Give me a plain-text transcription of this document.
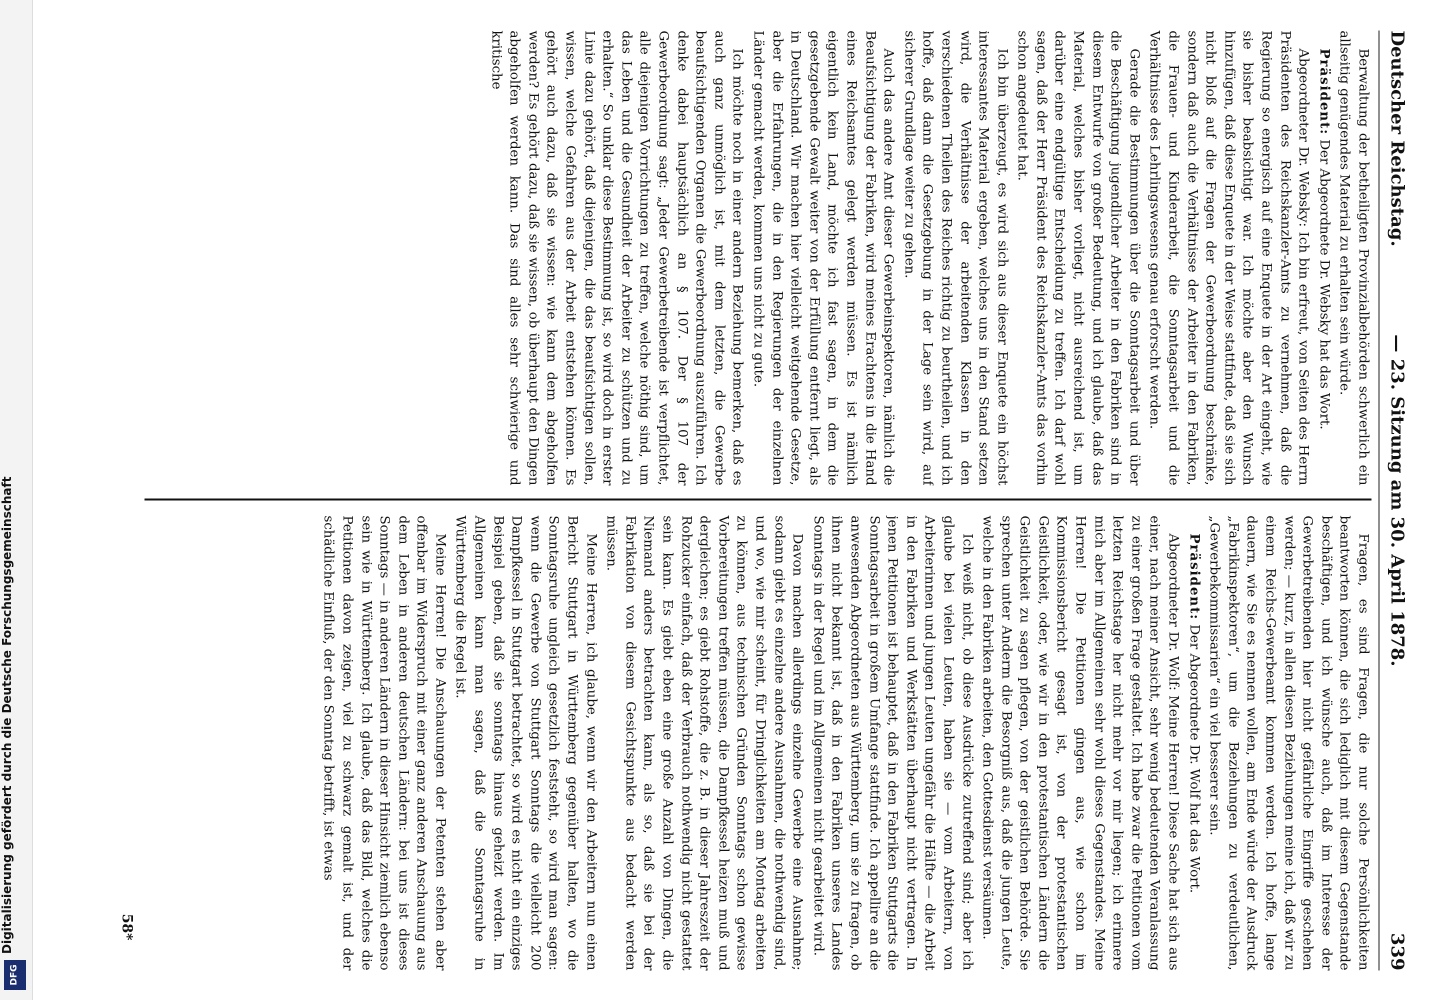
Digitalisierung gefördert durch die Deutsche Forschungsgemeinschaft
DFG
Deutscher Reichstag.
— 23. Sitzung am 30. April 1878.
339

Berwaltung der betheiligten Provinzialbehörden schwerlich ein allseitig genügendes Material zu erhalten sein würde.

Präsident: Der Abgeordnete Dr. Websky hat das Wort.

Abgeordneter Dr. Websky: Ich bin erfreut, von Seiten des Herrn Präsidenten des Reichskanzler-Amts zu vernehmen, daß die Regierung so energisch auf eine Enquete in der Art eingeht, wie sie bisher beabsichtigt war. Ich möchte aber den Wunsch hinzufügen, daß diese Enquete in der Weise stattfinde, daß sie sich nicht bloß auf die Fragen der Gewerbeordnung beschränke, sondern daß auch die Verhältnisse der Arbeiter in den Fabriken, die Frauen- und Kinderarbeit, die Sonntagsarbeit und die Verhältnisse des Lehrlingswesens genau erforscht werden.

Gerade die Bestimmungen über die Sonntagsarbeit und über die Beschäftigung jugendlicher Arbeiter in den Fabriken sind in diesem Entwurfe von großer Bedeutung, und ich glaube, daß das Material, welches bisher vorliegt, nicht ausreichend ist, um darüber eine endgültige Entscheidung zu treffen. Ich darf wohl sagen, daß der Herr Präsident des Reichskanzler-Amts das vorhin schon angedeutet hat.

Ich bin überzeugt, es wird sich aus dieser Enquete ein höchst interessantes Material ergeben, welches uns in den Stand setzen wird, die Verhältnisse der arbeitenden Klassen in den verschiedenen Theilen des Reiches richtig zu beurtheilen, und ich hoffe, daß dann die Gesetzgebung in der Lage sein wird, auf sicherer Grundlage weiter zu gehen.

Auch das andere Amt dieser Gewerbeinspektoren, nämlich die Beaufsichtigung der Fabriken, wird meines Erachtens in die Hand eines Reichsamtes gelegt werden müssen. Es ist nämlich eigentlich kein Land, möchte ich fast sagen, in dem die gesetzgebende Gewalt weiter von der Erfüllung entfernt liegt, als in Deutschland. Wir machen hier vielleicht weitgehende Gesetze, aber die Erfahrungen, die in den Regierungen der einzelnen Länder gemacht werden, kommen uns nicht zu gute.

Ich möchte noch in einer andern Beziehung bemerken, daß es auch ganz unmöglich ist, mit dem letzten, die Gewerbe beaufsichtigenden Organen die Gewerbeordnung auszuführen. Ich denke dabei hauptsächlich an § 107. Der § 107 der Gewerbeordnung sagt: „Jeder Gewerbetreibende ist verpflichtet, alle diejenigen Vorrichtungen zu treffen, welche nöthig sind, um das Leben und die Gesundheit der Arbeiter zu schützen und zu erhalten.“ So unklar diese Bestimmung ist, so wird doch in erster Linie dazu gehört, daß diejenigen, die das beaufsichtigen sollen, wissen, welche Gefahren aus der Arbeit entstehen können. Es gehört auch dazu, daß sie wissen: wie kann dem abgeholfen werden? Es gehört dazu, daß sie wissen, ob überhaupt den Dingen abgeholfen werden kann. Das sind alles sehr schwierige und kritische

Fragen, es sind Fragen, die nur solche Persönlichkeiten beantworten können, die sich lediglich mit diesem Gegenstande beschäftigen, und ich wünsche auch, daß im Interesse der Gewerbetreibenden hier nicht gefährliche Eingriffe geschehen werden; — kurz, in allen diesen Beziehungen meine ich, daß wir zu einem Reichs-Gewerbeamt kommen werden. Ich hoffe, lange dauern, wie Sie es nennen wollen, am Ende würde der Ausdruck „Fabrikinspektoren“, um die Beziehungen zu verdeutlichen, „Gewerbekommissarien“ ein viel besserer sein.

Präsident: Der Abgeordnete Dr. Wolf hat das Wort.

Abgeordneter Dr. Wolf: Meine Herren! Diese Sache hat sich aus einer, nach meiner Ansicht, sehr wenig bedeutenden Veranlassung zu einer großen Frage gestaltet. Ich habe zwar die Petitionen vom letzten Reichstage her nicht mehr vor mir liegen; ich erinnere mich aber im Allgemeinen sehr wohl dieses Gegenstandes. Meine Herren! Die Petitionen gingen aus, wie schon im Kommissionsbericht gesagt ist, von der protestantischen Geistlichkeit, oder, wie wir in den protestantischen Ländern die Geistlichkeit zu sagen pflegen, von der geistlichen Behörde. Sie sprechen unter Anderm die Besorgniß aus, daß die jungen Leute, welche in den Fabriken arbeiten, den Gottesdienst versäumen.

Ich weiß nicht, ob diese Ausdrücke zutreffend sind; aber ich glaube bei vielen Leuten, haben sie — vom Arbeitern, von Arbeiterinnen und jungen Leuten ungefähr die Hälfte — die Arbeit in den Fabriken und Werkstätten überhaupt nicht vertragen. In jenen Petitionen ist behauptet, daß in den Fabriken Stuttgarts die Sonntagsarbeit in großem Umfange stattfinde. Ich appellire an die anwesenden Abgeordneten aus Württemberg, um sie zu fragen, ob ihnen nicht bekannt ist, daß in den Fabriken unseres Landes Sonntags in der Regel und im Allgemeinen nicht gearbeitet wird.

Davon machen allerdings einzelne Gewerbe eine Ausnahme; sodann giebt es einzelne andere Ausnahmen, die nothwendig sind, und wo, wie mir scheint, für Dringlichkeiten am Montag arbeiten zu können, aus technischen Gründen Sonntags schon gewisse Vorbereitungen treffen müssen, die Dampfkessel heizen muß und dergleichen; es giebt Rohstoffe, die z. B. in dieser Jahreszeit der Rohzucker einfach, daß der Verbrauch nothwendig nicht gestattet sein kann. Es giebt eben eine große Anzahl von Dingen, die Niemand anders betrachten kann, als so, daß sie bei der Fabrikation von diesem Gesichtspunkte aus bedacht werden müssen.

Meine Herren, ich glaube, wenn wir den Arbeitern nun einen Bericht Stuttgart in Württemberg gegenüber halten, wo die Sonntagsruhe ungleich gesetzlich feststeht, so wird man sagen: wenn die Gewerbe von Stuttgart Sonntags die vielleicht 200 Dampfkessel in Stuttgart betrachtet, so wird es nicht ein einziges Beispiel geben, daß sie sonntags hinaus geheizt werden. Im Allgemeinen kann man sagen, daß die Sonntagsruhe in Württemberg die Regel ist.

Meine Herren! Die Anschauungen der Petenten stehen aber offenbar im Widerspruch mit einer ganz anderen Anschauung aus dem Leben in anderen deutschen Ländern: bei uns ist dieses Sonntags — in anderen Ländern in dieser Hinsicht ziemlich ebenso sein wie in Württemberg. Ich glaube, daß das Bild, welches die Petitionen davon zeigen, viel zu schwarz gemalt ist, und der schädliche Einfluß, der den Sonntag betrifft, ist etwas

58*
